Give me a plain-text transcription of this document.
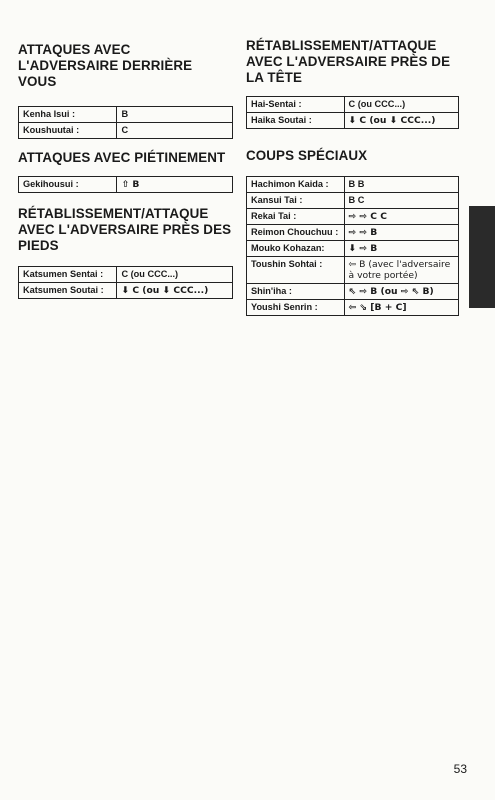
ATTAQUES AVEC L'ADVERSAIRE DERRIÈRE VOUS
Kenha Isui :	B
Koushuutai :	C
ATTAQUES AVEC PIÉTINEMENT
Gekihousui :	⇧ B
RÉTABLISSEMENT/ATTAQUE AVEC L'ADVERSAIRE PRÈS DES PIEDS
Katsumen Sentai :	C (ou CCC...)
Katsumen Soutai :	⬇ C (ou ⬇ CCC...)
RÉTABLISSEMENT/ATTAQUE AVEC L'ADVERSAIRE PRÈS DE LA TÊTE
Hai-Sentai :	C (ou CCC...)
Haika Soutai :	⬇ C (ou ⬇ CCC...)
COUPS SPÉCIAUX
Hachimon Kaida :	B B
Kansui Tai :	B C
Rekai Tai :	⇨ ⇨ C C
Reimon Chouchuu :	⇨ ⇨ B
Mouko Kohazan:	⬇ ⇨ B
Toushin Sohtai :	⇦ B (avec l'adversaire à votre portée)
Shin'iha :	⇖ ⇨ B (ou ⇨ ⇖ B)
Youshi Senrin :	⇦ ⇘ [B + C]
53
